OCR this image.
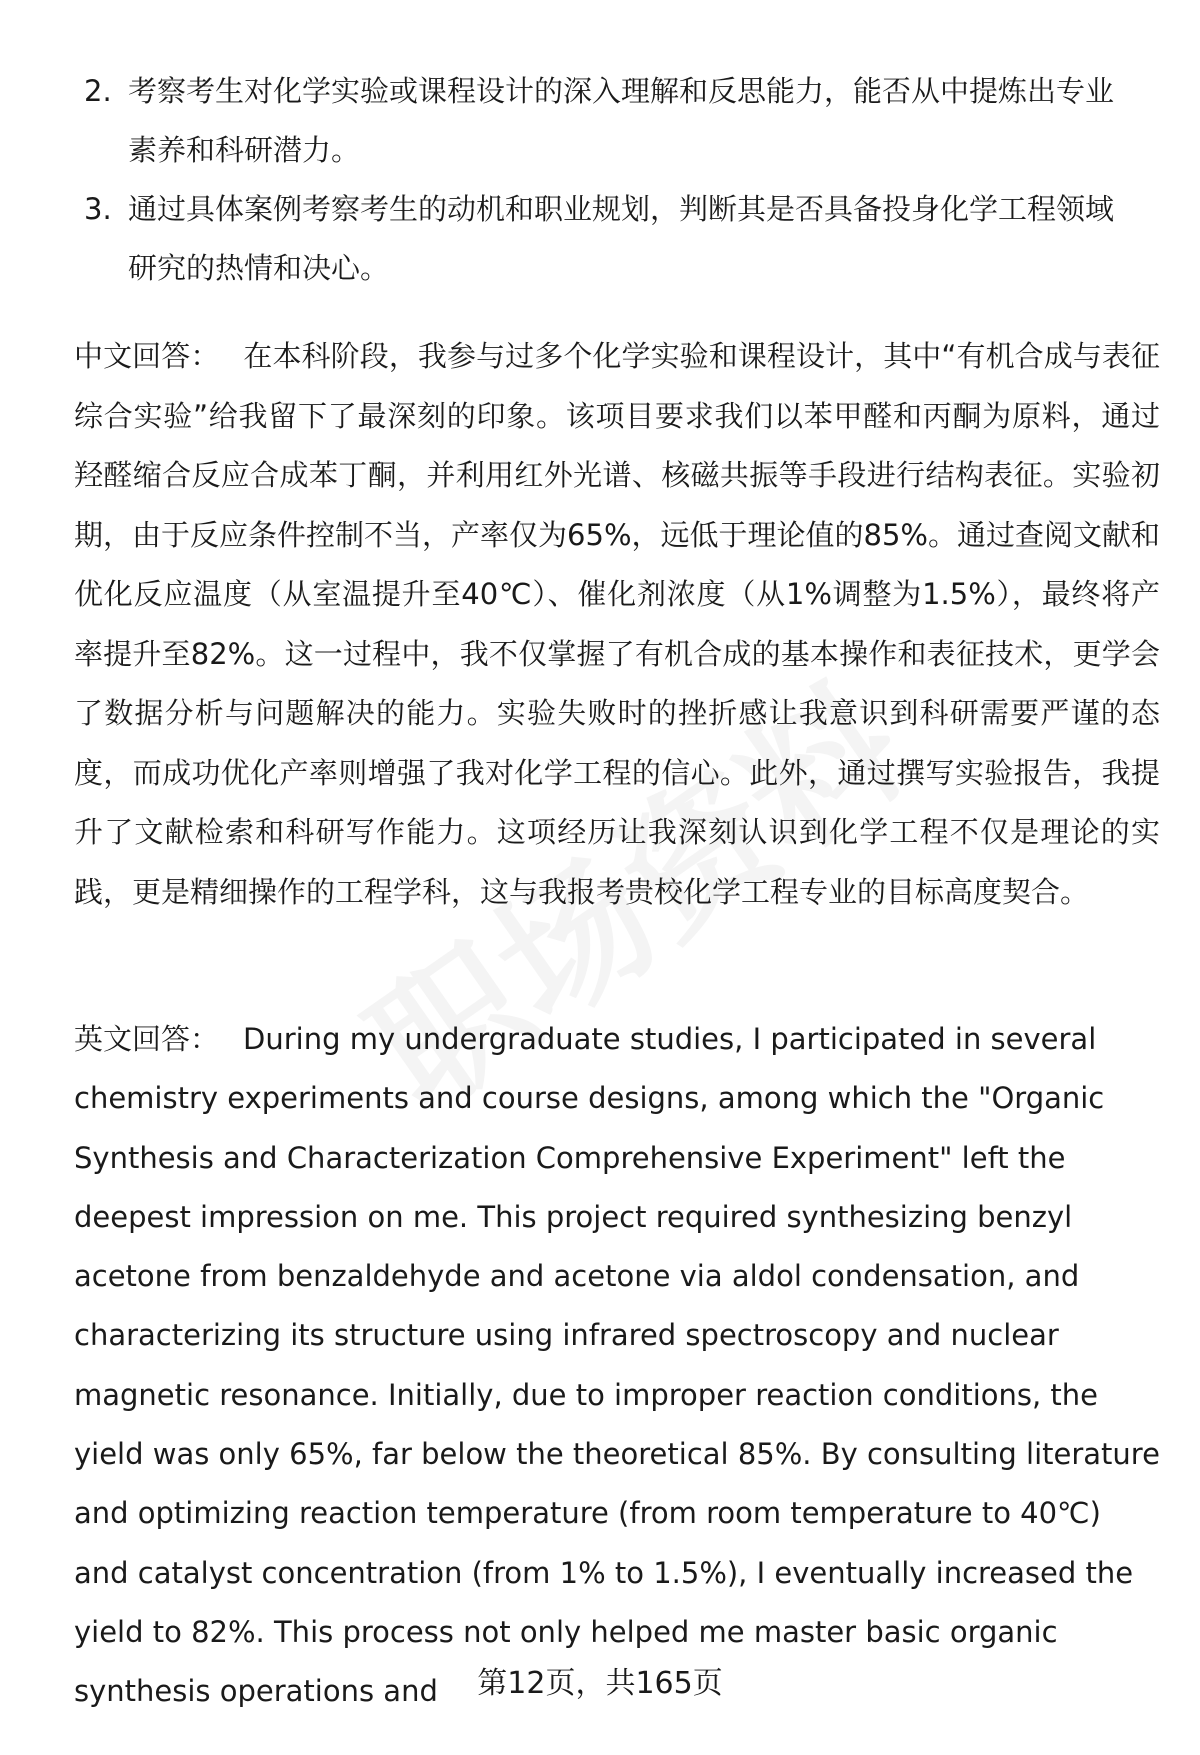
2. 考察考生对化学实验或课程设计的深入理解和反思能力，能否从中提炼出专业素养和科研潜力。
3. 通过具体案例考察考生的动机和职业规划，判断其是否具备投身化学工程领域研究的热情和决心。

中文回答： 在本科阶段，我参与过多个化学实验和课程设计，其中“有机合成与表征综合实验”给我留下了最深刻的印象。该项目要求我们以苯甲醛和丙酮为原料，通过羟醛缩合反应合成苯丁酮，并利用红外光谱、核磁共振等手段进行结构表征。实验初期，由于反应条件控制不当，产率仅为65%，远低于理论值的85%。通过查阅文献和优化反应温度（从室温提升至40℃）、催化剂浓度（从1%调整为1.5%），最终将产率提升至82%。这一过程中，我不仅掌握了有机合成的基本操作和表征技术，更学会了数据分析与问题解决的能力。实验失败时的挫折感让我意识到科研需要严谨的态度，而成功优化产率则增强了我对化学工程的信心。此外，通过撰写实验报告，我提升了文献检索和科研写作能力。这项经历让我深刻认识到化学工程不仅是理论的实践，更是精细操作的工程学科，这与我报考贵校化学工程专业的目标高度契合。

英文回答： During my undergraduate studies, I participated in several chemistry experiments and course designs, among which the "Organic Synthesis and Characterization Comprehensive Experiment" left the deepest impression on me. This project required synthesizing benzyl acetone from benzaldehyde and acetone via aldol condensation, and characterizing its structure using infrared spectroscopy and nuclear magnetic resonance. Initially, due to improper reaction conditions, the yield was only 65%, far below the theoretical 85%. By consulting literature and optimizing reaction temperature (from room temperature to 40℃) and catalyst concentration (from 1% to 1.5%), I eventually increased the yield to 82%. This process not only helped me master basic organic synthesis operations and	第12页，共165页
